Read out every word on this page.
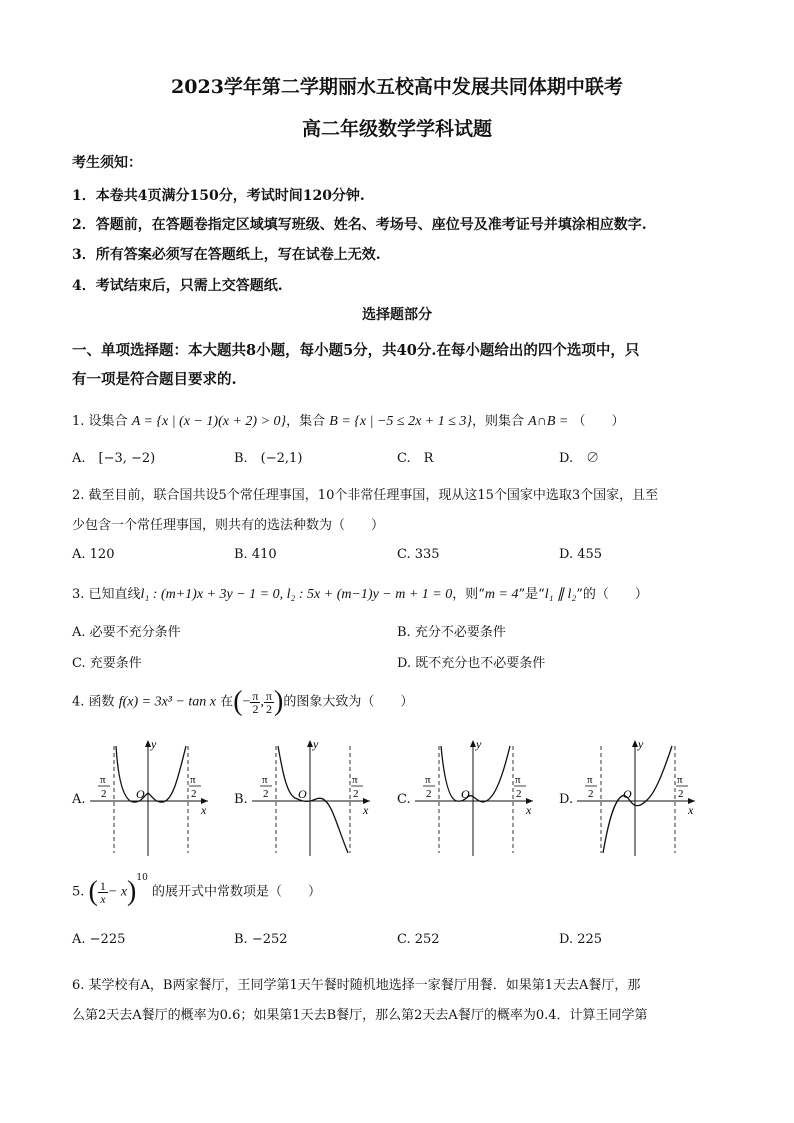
2023学年第二学期丽水五校高中发展共同体期中联考
高二年级数学学科试题
考生须知：
1．本卷共4页满分150分，考试时间120分钟.
2．答题前，在答题卷指定区域填写班级、姓名、考场号、座位号及准考证号并填涂相应数字.
3．所有答案必须写在答题纸上，写在试卷上无效.
4．考试结束后，只需上交答题纸.
选择题部分
一、单项选择题：本大题共8小题，每小题5分，共40分.在每小题给出的四个选项中，只
有一项是符合题目要求的.
1. 设集合 A = {x | (x − 1)(x + 2) > 0}，集合 B = {x | −5 ≤ 2x + 1 ≤ 3}，则集合 A∩B = （　　）
A.　[−3, −2)	B.　(−2,1)	C.　R	D.　∅
2. 截至目前，联合国共设5个常任理事国，10个非常任理事国，现从这15个国家中选取3个国家，且至
少包含一个常任理事国，则共有的选法种数为（　　）
A. 120	B. 410	C. 335	D. 455
3. 已知直线l₁ : (m+1)x + 3y − 1 = 0, l₂ : 5x + (m−1)y − m + 1 = 0，则“m = 4”是“l₁ ∥ l₂”的（　　）
A. 必要不充分条件	B. 充分不必要条件
C. 充要条件	D. 既不充分也不必要条件
4. 函数 f(x) = 3x³ − tan x 在(− $\frac{\pi}{2}$ , $\frac{\pi}{2}$ )的图象大致为（　　）
A.	B.	C.	D.
y
x
O
π
2
π
2
y
x
O
π
2
π
2
y
x
O
π
2
π
2
y
x
O
π
2
π
2
5. ( $\frac{1}{x} - x)^{10}$ 的展开式中常数项是（　　）
A. −225	B. −252	C. 252	D. 225
6. 某学校有A，B两家餐厅，王同学第1天午餐时随机地选择一家餐厅用餐．如果第1天去A餐厅，那
么第2天去A餐厅的概率为0.6；如果第1天去B餐厅，那么第2天去A餐厅的概率为0.4．计算王同学第
